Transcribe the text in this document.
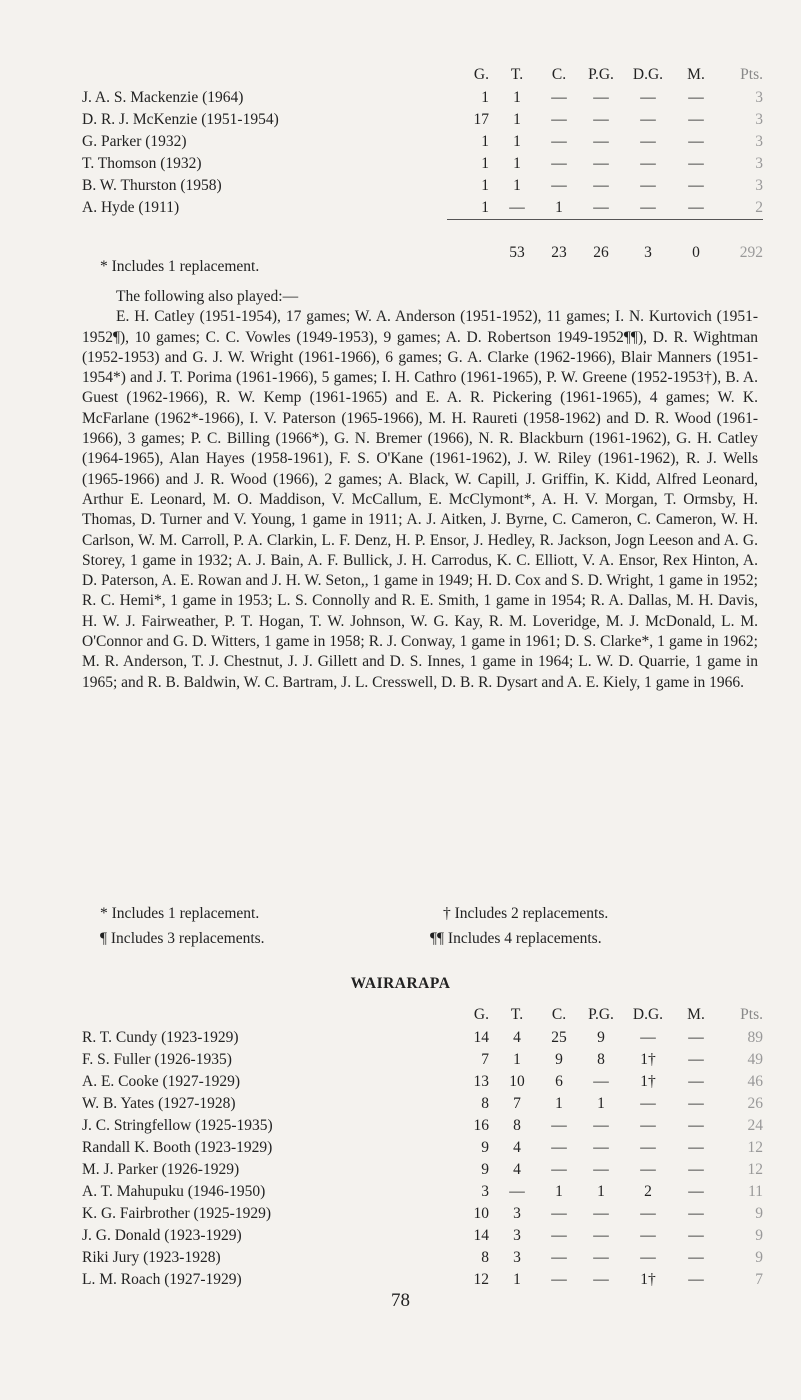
	G.	T.	C.	P.G.	D.G.	M.	Pts.
J. A. S. Mackenzie (1964)	1	1	—	—	—	—	3
D. R. J. McKenzie (1951-1954)	17	1	—	—	—	—	3
G. Parker (1932)	1	1	—	—	—	—	3
T. Thomson (1932)	1	1	—	—	—	—	3
B. W. Thurston (1958)	1	1	—	—	—	—	3
A. Hyde (1911)	1	—	1	—	—	—	2

		53	23	26	3	0	292
* Includes 1 replacement.

The following also played:—

E. H. Catley (1951-1954), 17 games; W. A. Anderson (1951-1952), 11 games; I. N. Kurtovich (1951-1952¶), 10 games; C. C. Vowles (1949-1953), 9 games; A. D. Robertson 1949-1952¶¶), D. R. Wightman (1952-1953) and G. J. W. Wright (1961-1966), 6 games; G. A. Clarke (1962-1966), Blair Manners (1951-1954*) and J. T. Porima (1961-1966), 5 games; I. H. Cathro (1961-1965), P. W. Greene (1952-1953†), B. A. Guest (1962-1966), R. W. Kemp (1961-1965) and E. A. R. Pickering (1961-1965), 4 games; W. K. McFarlane (1962*-1966), I. V. Paterson (1965-1966), M. H. Raureti (1958-1962) and D. R. Wood (1961-1966), 3 games; P. C. Billing (1966*), G. N. Bremer (1966), N. R. Blackburn (1961-1962), G. H. Catley (1964-1965), Alan Hayes (1958-1961), F. S. O'Kane (1961-1962), J. W. Riley (1961-1962), R. J. Wells (1965-1966) and J. R. Wood (1966), 2 games; A. Black, W. Capill, J. Griffin, K. Kidd, Alfred Leonard, Arthur E. Leonard, M. O. Maddison, V. McCallum, E. McClymont*, A. H. V. Morgan, T. Ormsby, H. Thomas, D. Turner and V. Young, 1 game in 1911; A. J. Aitken, J. Byrne, C. Cameron, C. Cameron, W. H. Carlson, W. M. Carroll, P. A. Clarkin, L. F. Denz, H. P. Ensor, J. Hedley, R. Jackson, Jogn Leeson and A. G. Storey, 1 game in 1932; A. J. Bain, A. F. Bullick, J. H. Carrodus, K. C. Elliott, V. A. Ensor, Rex Hinton, A. D. Paterson, A. E. Rowan and J. H. W. Seton,, 1 game in 1949; H. D. Cox and S. D. Wright, 1 game in 1952; R. C. Hemi*, 1 game in 1953; L. S. Connolly and R. E. Smith, 1 game in 1954; R. A. Dallas, M. H. Davis, H. W. J. Fairweather, P. T. Hogan, T. W. Johnson, W. G. Kay, R. M. Loveridge, M. J. McDonald, L. M. O'Connor and G. D. Witters, 1 game in 1958; R. J. Conway, 1 game in 1961; D. S. Clarke*, 1 game in 1962; M. R. Anderson, T. J. Chestnut, J. J. Gillett and D. S. Innes, 1 game in 1964; L. W. D. Quarrie, 1 game in 1965; and R. B. Baldwin, W. C. Bartram, J. L. Cresswell, D. B. R. Dysart and A. E. Kiely, 1 game in 1966.

* Includes 1 replacement.	† Includes 2 replacements.
¶ Includes 3 replacements.	¶¶ Includes 4 replacements.
WAIRARAPA
	G.	T.	C.	P.G.	D.G.	M.	Pts.
R. T. Cundy (1923-1929)	14	4	25	9	—	—	89
F. S. Fuller (1926-1935)	7	1	9	8	1†	—	49
A. E. Cooke (1927-1929)	13	10	6	—	1†	—	46
W. B. Yates (1927-1928)	8	7	1	1	—	—	26
J. C. Stringfellow (1925-1935)	16	8	—	—	—	—	24
Randall K. Booth (1923-1929)	9	4	—	—	—	—	12
M. J. Parker (1926-1929)	9	4	—	—	—	—	12
A. T. Mahupuku (1946-1950)	3	—	1	1	2	—	11
K. G. Fairbrother (1925-1929)	10	3	—	—	—	—	9
J. G. Donald (1923-1929)	14	3	—	—	—	—	9
Riki Jury (1923-1928)	8	3	—	—	—	—	9
L. M. Roach (1927-1929)	12	1	—	—	1†	—	7
78
